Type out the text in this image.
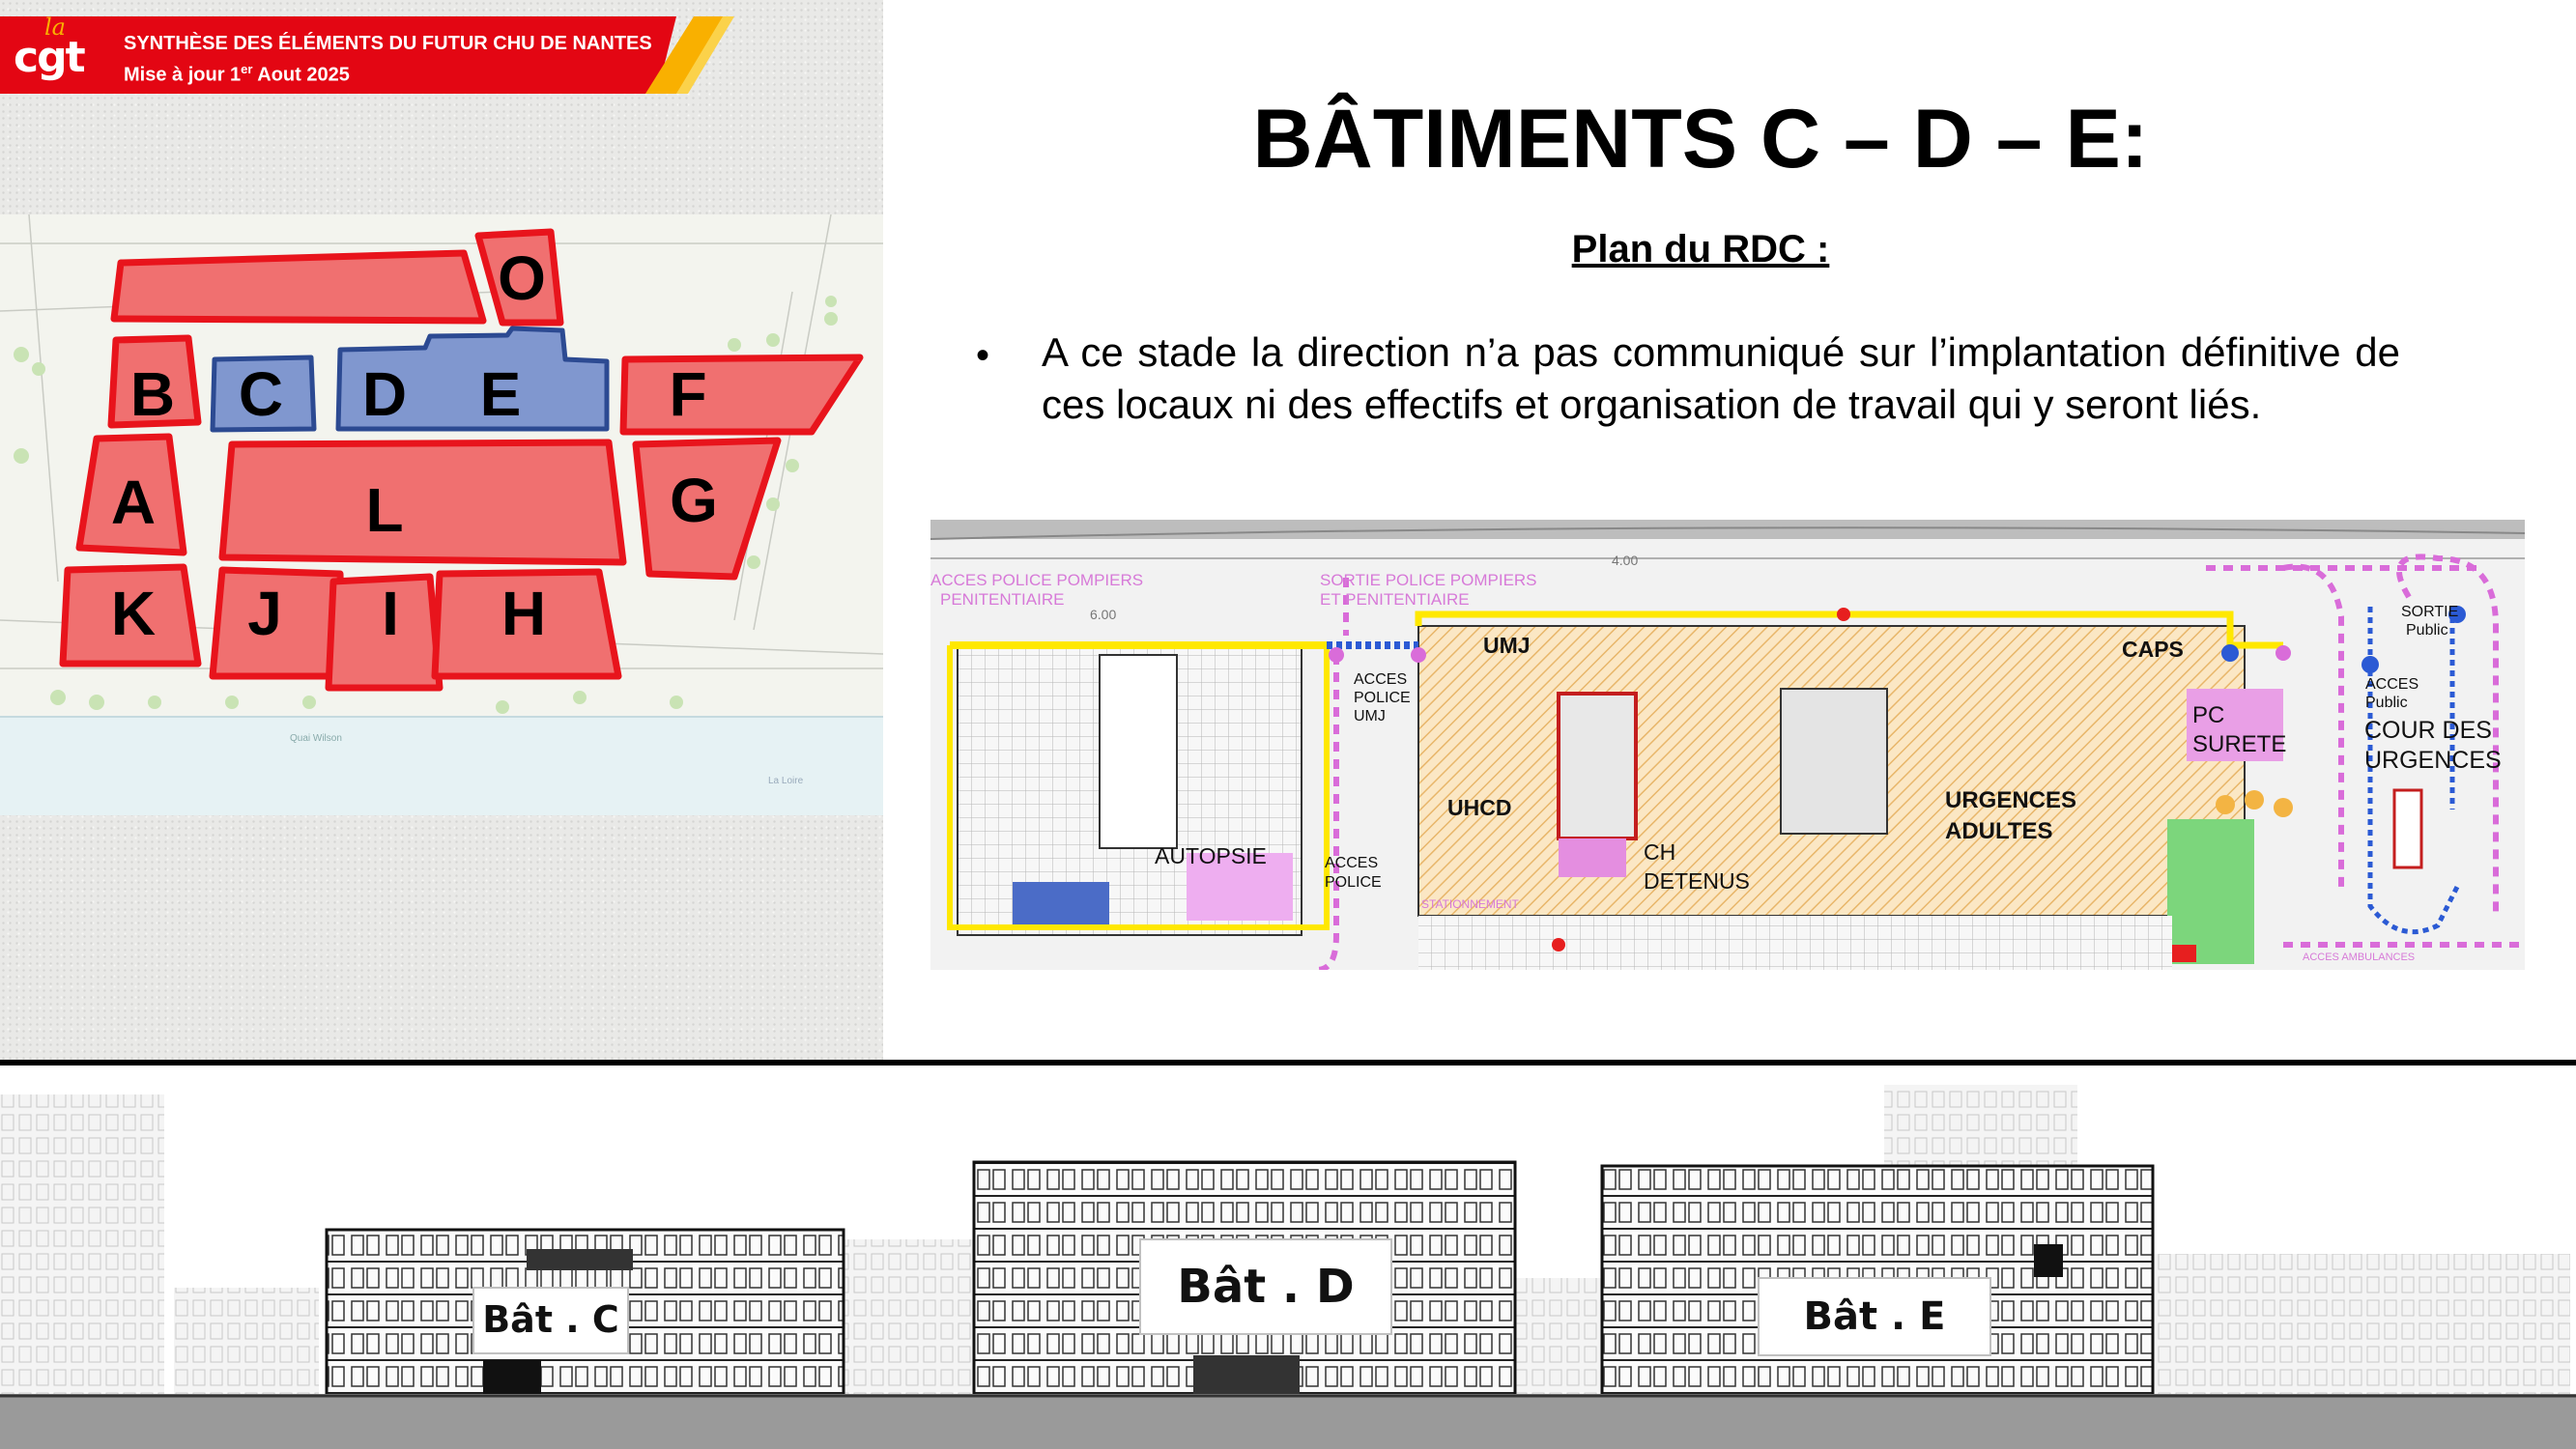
la
cgt SYNTHÈSE DES ÉLÉMENTS DU FUTUR CHU DE NANTES
Mise à jour 1er Aout 2025
Quai Wilson
La Loire
O
B C D E F
A	L	G
K J I H
BÂTIMENTS C – D – E:
Plan du RDC :
• A ce stade la direction n’a pas communiqué sur l’implantation définitive de ces locaux ni des effectifs et organisation de travail qui y seront liés.
ACCES POLICE POMPIERS
PENITENTIAIRE
SORTIE POLICE POMPIERS
ET PENITENTIAIRE
4.00
6.00
UMJ	CAPS
ACCES
POLICE
UMJ	PC
SURETE
SORTIE
Public
ACCES
Public
COUR DES
URGENCES
UHCD	URGENCES
ADULTES
AUTOPSIE	ACCES
POLICE
CH
DETENUS
STATIONNEMENT
ACCES AMBULANCES
Bât . C
Bât . D
Bât . E
